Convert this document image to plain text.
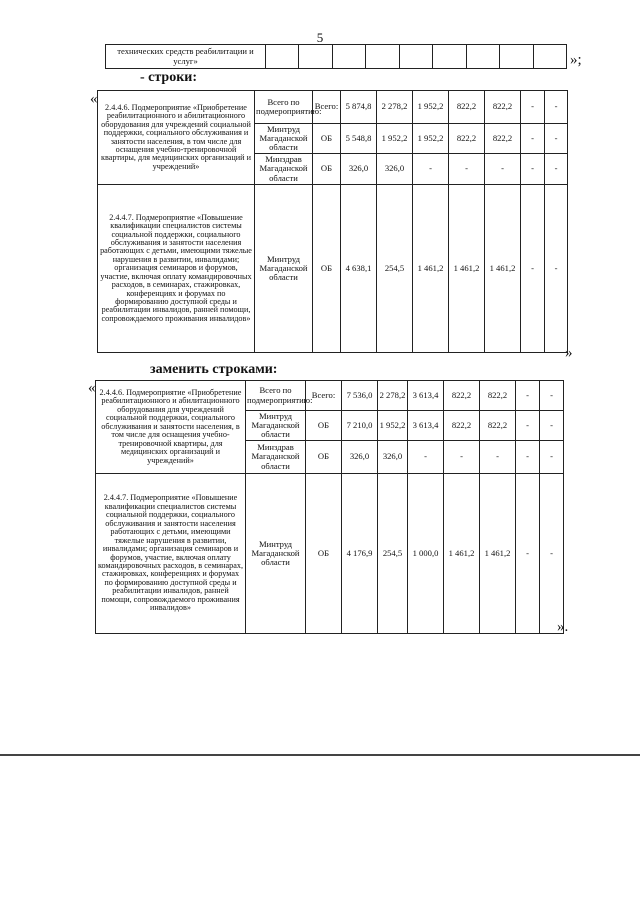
5
технических средств реабилитации и услуг»										»;
- строки:
«
2.4.4.6. Подмероприятие «Приобретение реабилитационного и абилитационного оборудования для учреждений социальной поддержки, социального обслуживания и занятости населения, в том числе для оснащения учебно-тренировочной квартиры, для медицинских организаций и учреждений»	Всего по подмероприятию:	Всего:	5 874,8	2 278,2	1 952,2	822,2	822,2	-	-
	Минтруд Магаданской области	ОБ	5 548,8	1 952,2	1 952,2	822,2	822,2	-	-
	Минздрав Магаданской области	ОБ	326,0	326,0	-	-	-	-	-
2.4.4.7. Подмероприятие «Повышение квалификации специалистов системы социальной поддержки, социального обслуживания и занятости населения работающих с детьми, имеющими тяжелые нарушения в развитии, инвалидами; организация семинаров и форумов, участие, включая оплату командировочных расходов, в семинарах, стажировках, конференциях и форумах по формированию доступной среды и реабилитации инвалидов, ранней помощи, сопровождаемого проживания инвалидов»	Минтруд Магаданской области	ОБ	4 638,1	254,5	1 461,2	1 461,2	1 461,2	-	-
»
заменить строками:
« 2.4.4.6. Подмероприятие «Приобретение реабилитационного и абилитационного оборудования для учреждений социальной поддержки, социального обслуживания и занятости населения, в том числе для оснащения учебно-тренировочной квартиры, для медицинских организаций и учреждений»	Всего по подмероприятию:	Всего:	7 536,0	2 278,2	3 613,4	822,2	822,2	-	-
	Минтруд Магаданской области	ОБ	7 210,0	1 952,2	3 613,4	822,2	822,2	-	-
	Минздрав Магаданской области	ОБ	326,0	326,0	-	-	-	-	-
2.4.4.7. Подмероприятие «Повышение квалификации специалистов системы социальной поддержки, социального обслуживания и занятости населения работающих с детьми, имеющими тяжелые нарушения в развитии, инвалидами; организация семинаров и форумов, участие, включая оплату командировочных расходов, в семинарах, стажировках, конференциях и форумах по формированию доступной среды и реабилитации инвалидов, ранней помощи, сопровождаемого проживания инвалидов»	Минтруд Магаданской области	ОБ	4 176,9	254,5	1 000,0	1 461,2	1 461,2	-	-
».
